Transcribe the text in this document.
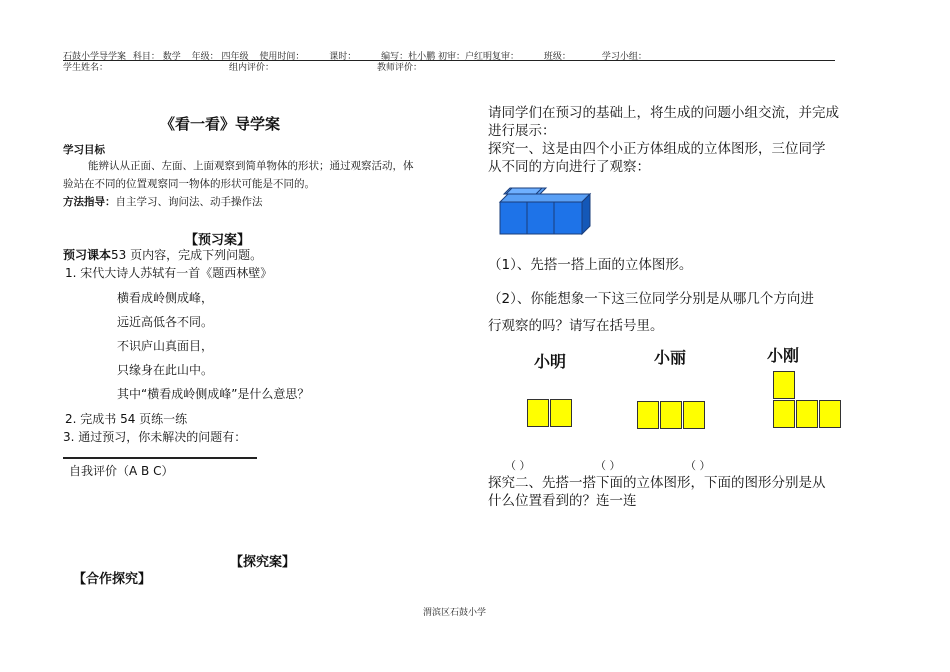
石鼓小学导学案 科目： 数学 年级： 四年级 使用时间：	课时：	编写：杜小鹏 初审：户红明复审：	班级：	学习小组：
学生姓名：	组内评价：	教师评价：
《看一看》导学案
学习目标
能辨认从正面、左面、上面观察到简单物体的形状；通过观察活动，体
验站在不同的位置观察同一物体的形状可能是不同的。
方法指导：自主学习、询问法、动手操作法
【预习案】
预习课本53 页内容，完成下列问题。
1. 宋代大诗人苏轼有一首《题西林壁》
横看成岭侧成峰，
远近高低各不同。
不识庐山真面目，
只缘身在此山中。
其中“横看成岭侧成峰”是什么意思？
2. 完成书 54 页练一练
3. 通过预习，你未解决的问题有：
自我评价（A B C）
【探究案】
【合作探究】
请同学们在预习的基础上，将生成的问题小组交流，并完成
进行展示：
探究一、这是由四个小正方体组成的立体图形，三位同学
从不同的方向进行了观察：
（1）、先搭一搭上面的立体图形。
（2）、你能想象一下这三位同学分别是从哪几个方向进
行观察的吗？请写在括号里。
小明	小丽	小刚
（ ）	（ ）	（ ）
探究二、先搭一搭下面的立体图形，下面的图形分别是从
什么位置看到的？连一连
渭滨区石鼓小学
